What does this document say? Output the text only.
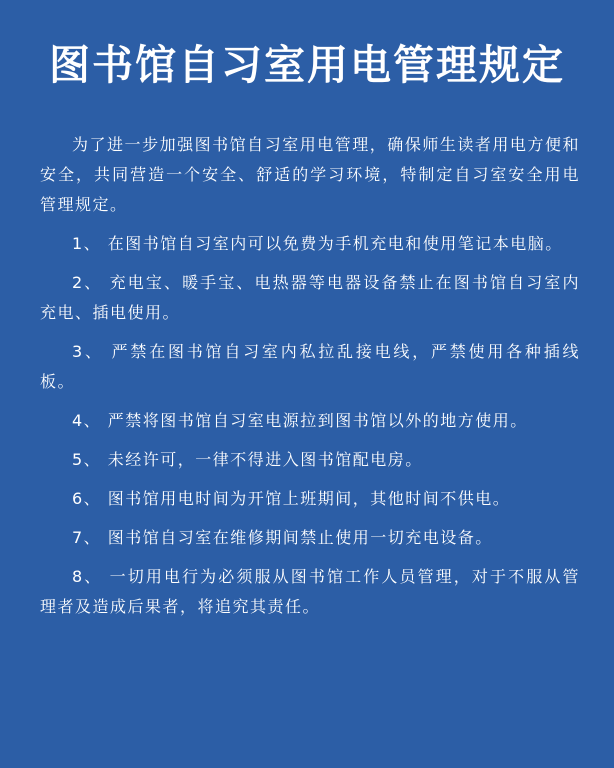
图书馆自习室用电管理规定

为了进一步加强图书馆自习室用电管理，确保师生读者用电方便和安全，共同营造一个安全、舒适的学习环境，特制定自习室安全用电管理规定。

1、 在图书馆自习室内可以免费为手机充电和使用笔记本电脑。

2、 充电宝、暖手宝、电热器等电器设备禁止在图书馆自习室内充电、插电使用。

3、 严禁在图书馆自习室内私拉乱接电线，严禁使用各种插线板。

4、 严禁将图书馆自习室电源拉到图书馆以外的地方使用。

5、 未经许可，一律不得进入图书馆配电房。

6、 图书馆用电时间为开馆上班期间，其他时间不供电。

7、 图书馆自习室在维修期间禁止使用一切充电设备。

8、 一切用电行为必须服从图书馆工作人员管理，对于不服从管理者及造成后果者，将追究其责任。
